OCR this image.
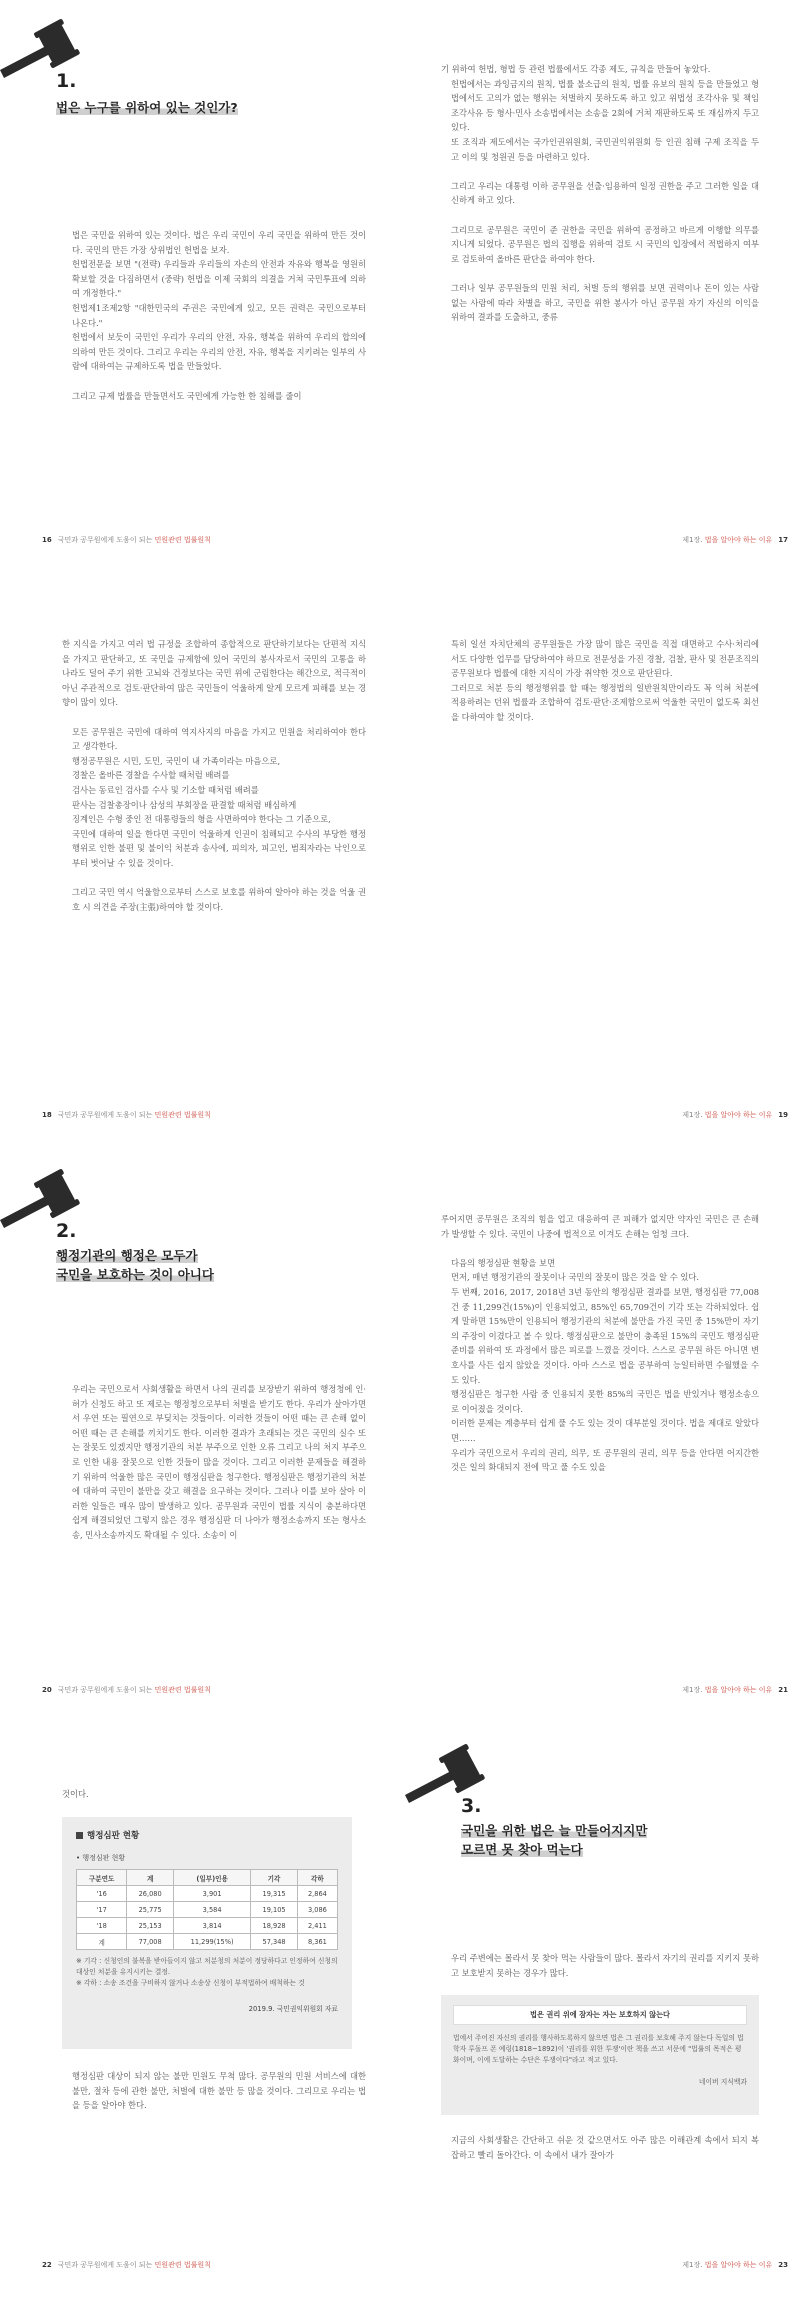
1.
법은 누구를 위하여 있는 것인가?

법은 국민을 위하여 있는 것이다. 법은 우리 국민이 우리 국민을 위하여 만든 것이다. 국민의 만든 가장 상위법인 헌법을 보자.

헌법전문을 보면 "(전략) 우리들과 우리들의 자손의 안전과 자유와 행복을 영원히 확보할 것을 다짐하면서 (중략) 헌법을 이제 국회의 의결을 거쳐 국민투표에 의하여 개정한다."

헌법제1조제2항 "대한민국의 주권은 국민에게 있고, 모든 권력은 국민으로부터 나온다."

헌법에서 보듯이 국민인 우리가 우리의 안전, 자유, 행복을 위하여 우리의 합의에 의하여 만든 것이다. 그리고 우리는 우리의 안전, 자유, 행복을 지키려는 일부의 사람에 대하여는 규제하도록 법을 만들었다.

그리고 규제 법률을 만들면서도 국민에게 가능한 한 침해를 줄이

16 국민과 공무원에게 도움이 되는 민원관련 법률원칙

기 위하여 헌법, 형법 등 관련 법률에서도 각종 제도, 규칙을 만들어 놓았다.

헌법에서는 과잉금지의 원칙, 법률 불소급의 원칙, 법률 유보의 원칙 등을 만들었고 형법에서도 고의가 없는 행위는 처벌하지 못하도록 하고 있고 위법성 조각사유 및 책임조각사유 등 형사·민사 소송법에서는 소송을 2회에 거쳐 재판하도록 또 재심까지 두고 있다.

또 조직과 제도에서는 국가인권위원회, 국민권익위원회 등 인권 침해 구제 조직을 두고 이의 및 청원권 등을 마련하고 있다.

그리고 우리는 대통령 이하 공무원을 선출·임용하여 일정 권한을 주고 그러한 일을 대신하게 하고 있다.

그리므로 공무원은 국민이 준 권한을 국민을 위하여 공정하고 바르게 이행할 의무를 지니게 되었다. 공무원은 법의 집행을 위하여 검토 시 국민의 입장에서 적법하지 여부로 검토하여 올바른 판단을 하여야 한다.

그러나 일부 공무원들의 민원 처리, 처벌 등의 행위를 보면 권력이나 돈이 있는 사람 없는 사람에 따라 차별을 하고, 국민을 위한 봉사가 아닌 공무원 자기 자신의 이익을 위하여 결과를 도출하고, 중류

제1장. 법을 알아야 하는 이유 17

한 지식을 가지고 여러 법 규정을 조합하여 종합적으로 판단하기보다는 단편적 지식을 가지고 판단하고, 또 국민을 규제함에 있어 국민의 봉사자로서 국민의 고통을 하나라도 덜어 주기 위한 고뇌와 건정보다는 국민 위에 군림한다는 해간으로, 적극적이 아닌 주관적으로 검토·판단하여 많은 국민들이 억울하게 알게 모르게 피해를 보는 경향이 많이 있다.

모든 공무원은 국민에 대하여 역지사지의 마음을 가지고 민원을 처리하여야 한다고 생각한다.

행정공무원은 시민, 도민, 국민이 내 가족이라는 마음으로,

경찰은 올바른 경찰을 수사할 때처럼 배려를

검사는 동료인 검사를 수사 및 기소할 때처럼 배려를

판사는 검찰총장이나 삼성의 부회장을 판결할 때처럼 배심하게

징계인은 수형 중인 전 대통령들의 형을 사면하여야 한다는 그 기준으로,

국민에 대하여 일을 한다면 국민이 억울하게 인권이 침해되고 수사의 부당한 행정행위로 인한 불편 및 불이익 처분과 송사에, 피의자, 피고인, 범죄자라는 낙인으로부터 벗어날 수 있을 것이다.

그리고 국민 역시 억울함으로부터 스스로 보호를 위하여 알아야 하는 것을 억울 권호 시 의견을 주장(主張)하여야 할 것이다.

18 국민과 공무원에게 도움이 되는 민원관련 법률원칙

특히 일선 자치단체의 공무원들은 가장 많이 많은 국민을 직접 대면하고 수사·처리에서도 다양한 업무를 담당하여야 하므로 전문성을 가진 경찰, 검찰, 판사 및 전문조직의 공무원보다 법률에 대한 지식이 가장 취약한 것으로 판단된다.

그러므로 처분 등의 행정행위를 할 때는 행정법의 일반원칙만이라도 꼭 익혀 처분에 적용하려는 던위 법률과 조합하여 검토·판단·조제함으로써 억울한 국민이 없도록 최선을 다하여야 할 것이다.

제1장. 법을 알아야 하는 이유 19
2.
행정기관의 행정은 모두가
국민을 보호하는 것이 아니다

우리는 국민으로서 사회생활을 하면서 나의 권리를 보장받기 위하여 행정청에 인·허가 신청도 하고 또 제로는 행정청으로부터 처벌을 받기도 한다. 우리가 살아가면서 우연 또는 필연으로 부딪치는 것들이다. 이러한 것들이 어떤 때는 큰 손해 없이 어떤 때는 큰 손해를 끼치기도 한다. 이러한 결과가 초래되는 것은 국민의 실수 또는 잘못도 있겠지만 행정기관의 처분 부주으로 인한 오류 그리고 나의 처지 부주으로 인한 내용 잘못으로 인한 것들이 많을 것이다. 그리고 이러한 문제들을 해결하기 위하여 억울한 많은 국민이 행정심판을 청구한다. 행정심판은 행정기관의 처분에 대하여 국민이 불만을 갖고 해결을 요구하는 것이다. 그러나 이를 보아 살아 이러한 일들은 매우 많이 발생하고 있다. 공무원과 국민이 법률 지식이 충분하다면 쉽게 해결되었던 그렇지 않은 경우 행정심판 더 나아가 행정소송까지 또는 형사소송, 민사소송까지도 확대될 수 있다. 소송이 이

20 국민과 공무원에게 도움이 되는 민원관련 법률원칙

루어지면 공무원은 조직의 힘을 업고 대응하여 큰 피해가 없지만 약자인 국민은 큰 손해가 발생할 수 있다. 국민이 나중에 법적으로 이겨도 손해는 엄청 크다.

다음의 행정심판 현황을 보면

먼저, 매년 행정기관의 잘못이나 국민의 잘못이 많은 것을 알 수 있다.

두 번째, 2016, 2017, 2018년 3년 동안의 행정심판 결과를 보면, 행정심판 77,008건 중 11,299건(15%)이 인용되었고, 85%인 65,709건이 기각 또는 각하되었다. 쉽게 말하면 15%만이 인용되어 행정기관의 처분에 불만을 가진 국민 중 15%만이 자기의 주장이 이겼다고 볼 수 있다. 행정심판으로 불만이 충족된 15%의 국민도 행정심판 준비를 위하여 또 과정에서 많은 피로를 느꼈을 것이다. 스스로 공무원 하든 아니면 변호사를 사든 쉽지 않았을 것이다. 아마 스스로 법을 공부하여 능일터하면 수월했을 수도 있다.

행정심판은 청구한 사람 중 인용되지 못한 85%의 국민은 법을 반있거나 행정소송으로 이어졌을 것이다.

이러한 문제는 계층부터 쉽게 풀 수도 있는 것이 대부분일 것이다. 법을 제대로 알았다면……

우리가 국민으로서 우리의 권리, 의무, 또 공무원의 권리, 의무 등을 안다면 어지간한 것은 일의 화대되지 전에 막고 풀 수도 있을

제1장. 법을 알아야 하는 이유 21

것이다.

행정심판 현황
• 행정심판 현황
구분연도	계	(일부)인용	기각	각하
'16	26,080	3,901	19,315	2,864
'17	25,775	3,584	19,105	3,086
'18	25,153	3,814	18,928	2,411
계	77,008	11,299(15%)	57,348	8,361
※ 기각 : 신청인의 불복을 받아들이지 않고 처분청의 처분이 정당하다고 인정하여 신청의 대상인 처분을 유지시키는 결정.
※ 각하 : 소송 조건을 구비하지 않거나 소송상 신청이 부적법하여 배척하는 것
2019.9. 국민권익위원회 자료

행정심판 대상이 되지 않는 불만 민원도 무척 많다. 공무원의 민원 서비스에 대한 불만, 절차 등에 관한 불만, 처벌에 대한 불만 등 많을 것이다. 그리므로 우리는 법을 등을 알아야 한다.

22 국민과 공무원에게 도움이 되는 민원관련 법률원칙
3.
국민을 위한 법은 늘 만들어지지만
모르면 못 찾아 먹는다

우리 주변에는 몰라서 못 찾아 먹는 사람들이 많다. 몰라서 자기의 권리를 지키지 못하고 보호받지 못하는 경우가 많다.

법은 권리 위에 잠자는 자는 보호하지 않는다
법에서 주어진 자신의 권리를 행사하도록하지 않으면 법은 그 권리를 보호해 주지 않는다 독일의 법학자 루돌프 폰 예링(1818~1892)이 '권리를 위한 투쟁'이란 책을 쓰고 서문에 "법률의 목적은 평화이며, 이에 도달하는 수단은 투쟁이다"라고 적고 있다.
네이버 지식백과

지금의 사회생활은 간단하고 쉬운 것 같으면서도 아주 많은 이해관계 속에서 되지 복잡하고 빨리 돌아간다. 이 속에서 내가 잘아가

제1장. 법을 알아야 하는 이유 23
